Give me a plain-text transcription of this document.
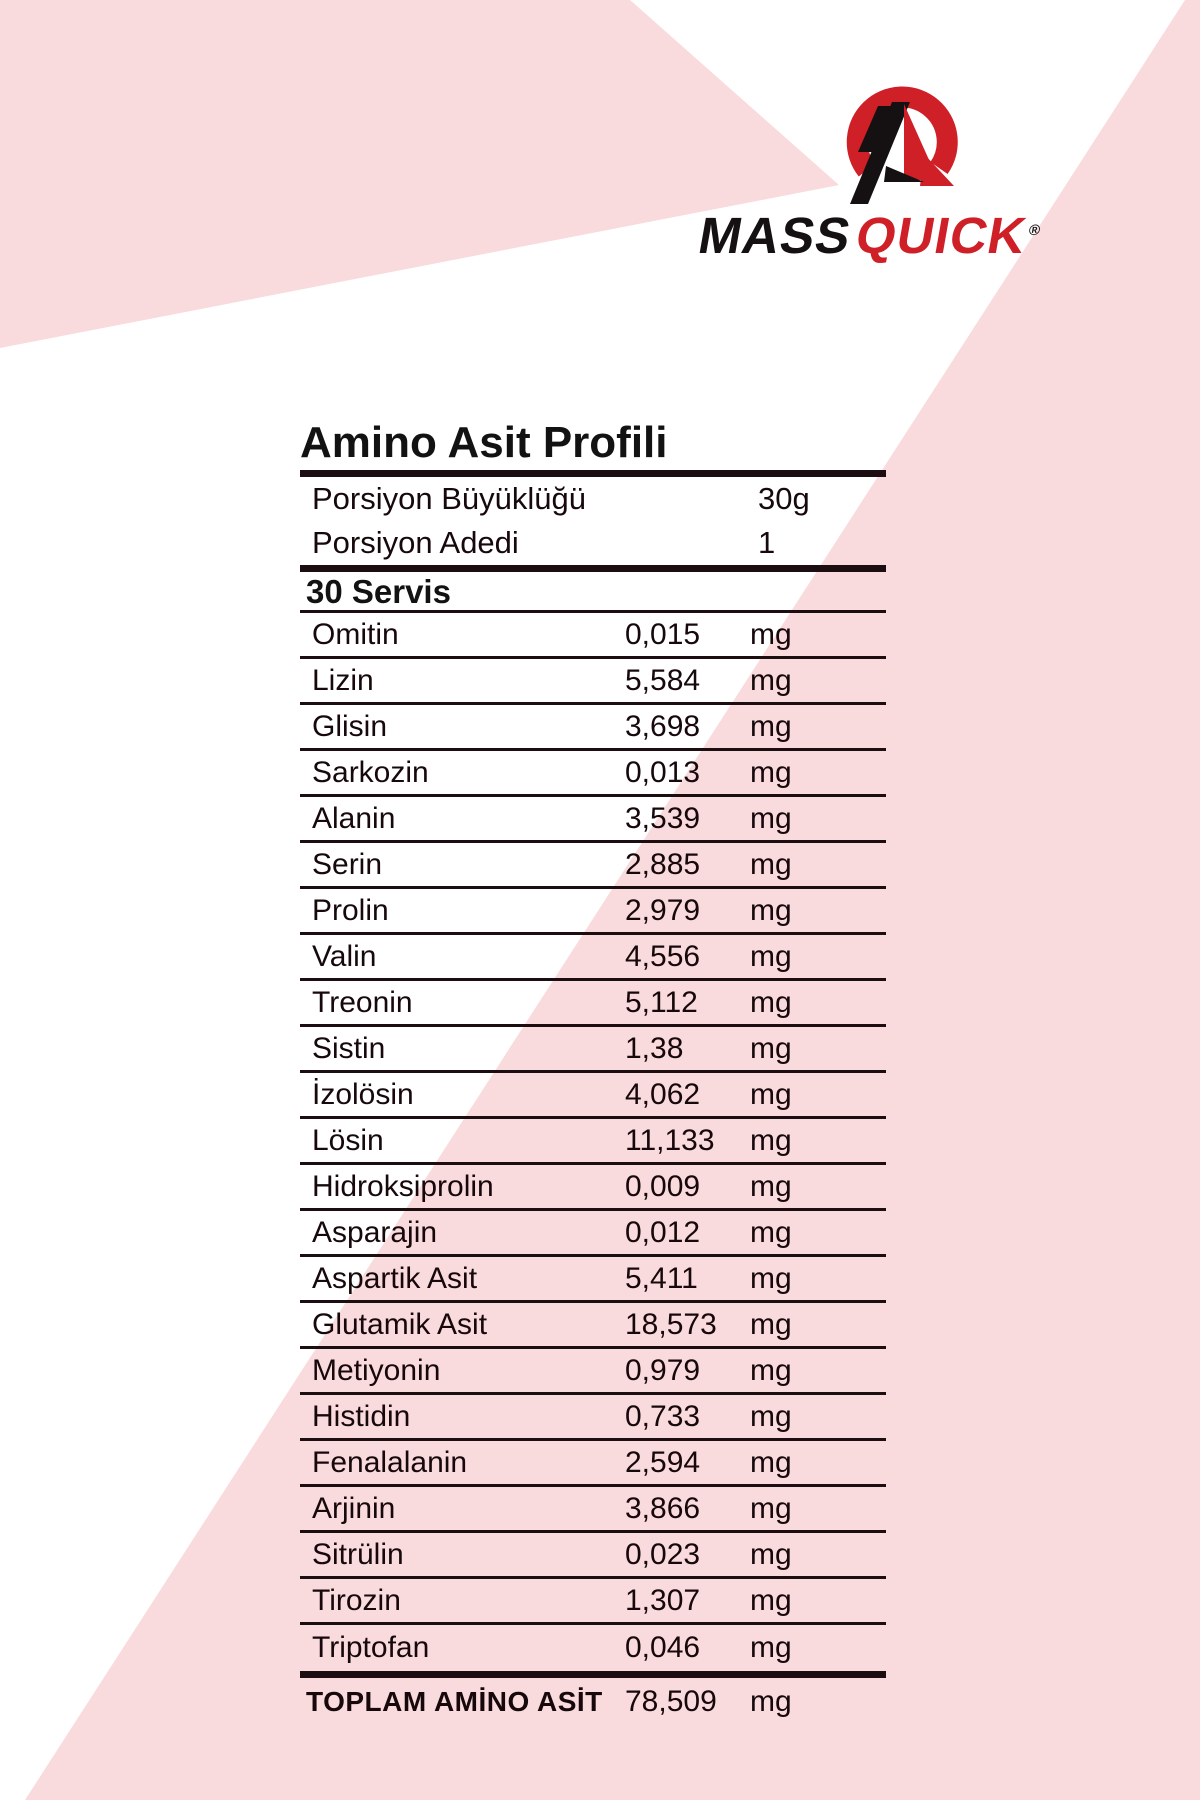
MASSQUICK®
Amino Asit Profili
Porsiyon Büyüklüğü	30g
Porsiyon Adedi	1
30 Servis
Omitin	0,015 mg
Lizin	5,584 mg
Glisin	3,698 mg
Sarkozin	0,013 mg
Alanin	3,539 mg
Serin	2,885 mg
Prolin	2,979 mg
Valin	4,556 mg
Treonin	5,112 mg
Sistin	1,38 mg
İzolösin	4,062 mg
Lösin	11,133 mg
Hidroksiprolin	0,009 mg
Asparajin	0,012 mg
Aspartik Asit	5,411 mg
Glutamik Asit	18,573 mg
Metiyonin	0,979 mg
Histidin	0,733 mg
Fenalalanin	2,594 mg
Arjinin	3,866 mg
Sitrülin	0,023 mg
Tirozin	1,307 mg
Triptofan	0,046 mg
TOPLAM AMİNO ASİT 78,509 mg
